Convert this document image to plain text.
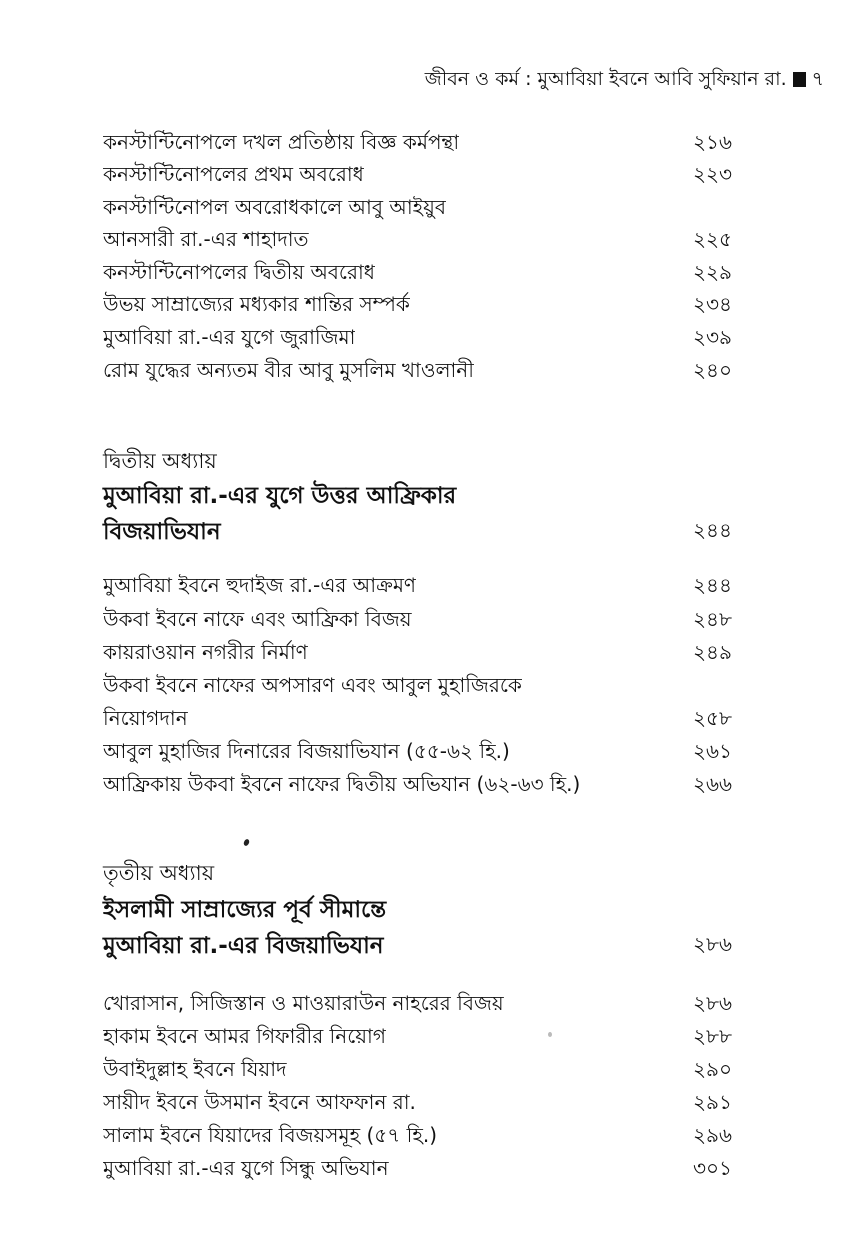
জীবন ও কর্ম : মুআবিয়া ইবনে আবি সুফিয়ান রা. ৭
কনস্টান্টিনোপলে দখল প্রতিষ্ঠায় বিজ্ঞ কর্মপন্থা	২১৬
কনস্টান্টিনোপলের প্রথম অবরোধ	২২৩
কনস্টান্টিনোপল অবরোধকালে আবু আইয়ুব
আনসারী রা.-এর শাহাদাত	২২৫
কনস্টান্টিনোপলের দ্বিতীয় অবরোধ	২২৯
উভয় সাম্রাজ্যের মধ্যকার শান্তির সম্পর্ক	২৩৪
মুআবিয়া রা.-এর যুগে জুরাজিমা	২৩৯
রোম যুদ্ধের অন্যতম বীর আবু মুসলিম খাওলানী	২৪০
দ্বিতীয় অধ্যায়
মুআবিয়া রা.-এর যুগে উত্তর আফ্রিকার
বিজয়াভিযান	২৪৪
মুআবিয়া ইবনে হুদাইজ রা.-এর আক্রমণ	২৪৪
উকবা ইবনে নাফে এবং আফ্রিকা বিজয়	২৪৮
কায়রাওয়ান নগরীর নির্মাণ	২৪৯
উকবা ইবনে নাফের অপসারণ এবং আবুল মুহাজিরকে
নিয়োগদান	২৫৮
আবুল মুহাজির দিনারের বিজয়াভিযান (৫৫-৬২ হি.)	২৬১
আফ্রিকায় উকবা ইবনে নাফের দ্বিতীয় অভিযান (৬২-৬৩ হি.)	২৬৬
তৃতীয় অধ্যায়
ইসলামী সাম্রাজ্যের পূর্ব সীমান্তে
মুআবিয়া রা.-এর বিজয়াভিযান	২৮৬
খোরাসান, সিজিস্তান ও মাওয়ারাউন নাহরের বিজয়	২৮৬
হাকাম ইবনে আমর গিফারীর নিয়োগ	২৮৮
উবাইদুল্লাহ ইবনে যিয়াদ	২৯০
সায়ীদ ইবনে উসমান ইবনে আফফান রা.	২৯১
সালাম ইবনে যিয়াদের বিজয়সমূহ (৫৭ হি.)	২৯৬
মুআবিয়া রা.-এর যুগে সিন্ধু অভিযান	৩০১
